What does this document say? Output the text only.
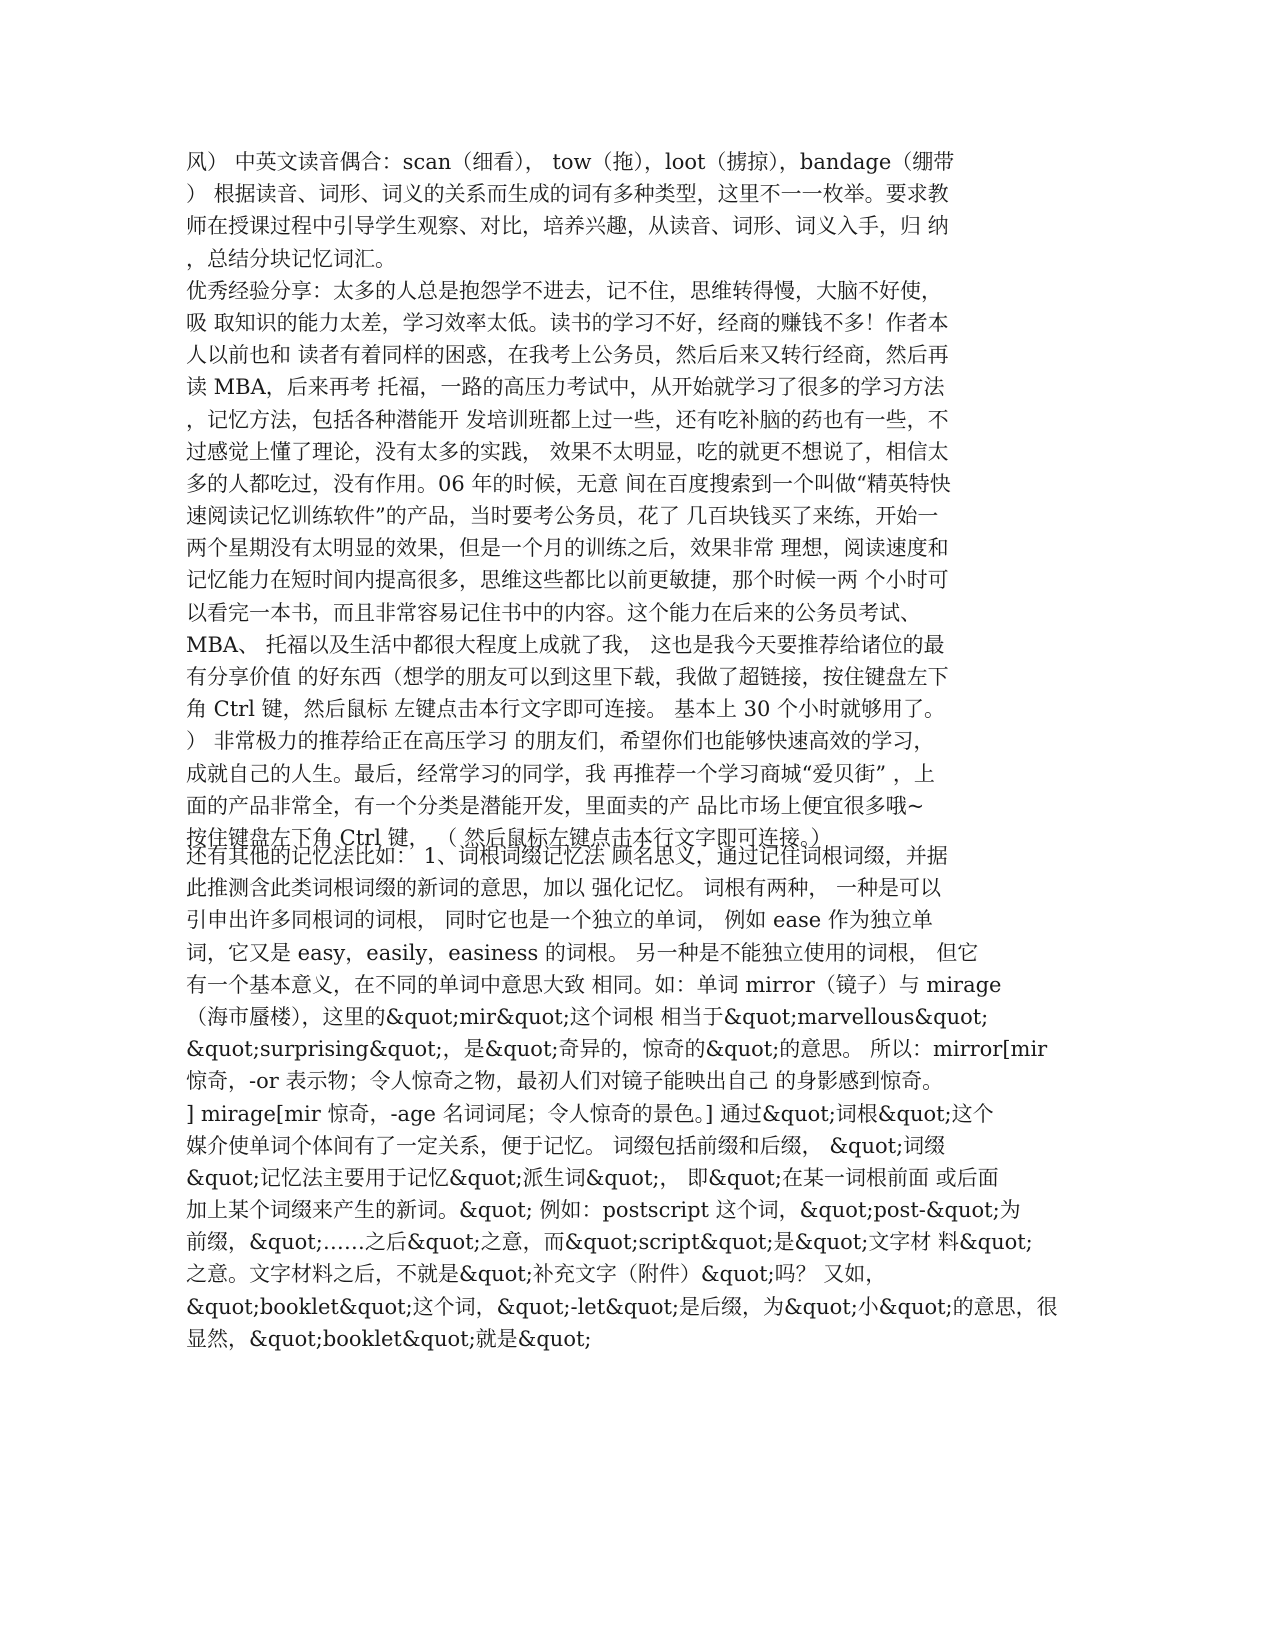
风） 中英文读音偶合：scan（细看）， tow（拖），loot（掳掠），bandage（绷带
） 根据读音、词形、词义的关系而生成的词有多种类型，这里不一一枚举。要求教
师在授课过程中引导学生观察、对比，培养兴趣，从读音、词形、词义入手，归 纳
，总结分块记忆词汇。
优秀经验分享：太多的人总是抱怨学不进去，记不住，思维转得慢，大脑不好使，
吸 取知识的能力太差，学习效率太低。读书的学习不好，经商的赚钱不多！作者本
人以前也和 读者有着同样的困惑，在我考上公务员，然后后来又转行经商，然后再
读 MBA，后来再考 托福，一路的高压力考试中，从开始就学习了很多的学习方法
，记忆方法，包括各种潜能开 发培训班都上过一些，还有吃补脑的药也有一些，不
过感觉上懂了理论，没有太多的实践， 效果不太明显，吃的就更不想说了，相信太
多的人都吃过，没有作用。06 年的时候，无意 间在百度搜索到一个叫做“精英特快
速阅读记忆训练软件”的产品，当时要考公务员，花了 几百块钱买了来练，开始一
两个星期没有太明显的效果，但是一个月的训练之后，效果非常 理想，阅读速度和
记忆能力在短时间内提高很多，思维这些都比以前更敏捷，那个时候一两 个小时可
以看完一本书，而且非常容易记住书中的内容。这个能力在后来的公务员考试、
MBA、 托福以及生活中都很大程度上成就了我， 这也是我今天要推荐给诸位的最
有分享价值 的好东西（想学的朋友可以到这里下载，我做了超链接，按住键盘左下
角 Ctrl 键，然后鼠标 左键点击本行文字即可连接。 基本上 30 个小时就够用了。
） 非常极力的推荐给正在高压学习 的朋友们，希望你们也能够快速高效的学习，
成就自己的人生。最后，经常学习的同学，我 再推荐一个学习商城“爱贝街” ，上
面的产品非常全，有一个分类是潜能开发，里面卖的产 品比市场上便宜很多哦~
按住键盘左下角 Ctrl 键， （ 然后鼠标左键点击本行文字即可连接。）
还有其他的记忆法比如： 1、词根词缀记忆法 顾名思义，通过记住词根词缀，并据
此推测含此类词根词缀的新词的意思，加以 强化记忆。 词根有两种， 一种是可以
引申出许多同根词的词根， 同时它也是一个独立的单词， 例如 ease 作为独立单
词，它又是 easy，easily，easiness 的词根。 另一种是不能独立使用的词根， 但它
有一个基本意义，在不同的单词中意思大致 相同。如：单词 mirror（镜子）与 mirage
（海市蜃楼），这里的&quot;mir&quot;这个词根 相当于&quot;marvellous&quot;
&quot;surprising&quot;，是&quot;奇异的，惊奇的&quot;的意思。 所以：mirror[mir
惊奇，-or 表示物；令人惊奇之物，最初人们对镜子能映出自己 的身影感到惊奇。
] mirage[mir 惊奇，-age 名词词尾；令人惊奇的景色。] 通过&quot;词根&quot;这个
媒介使单词个体间有了一定关系，便于记忆。 词缀包括前缀和后缀， &quot;词缀
&quot;记忆法主要用于记忆&quot;派生词&quot;， 即&quot;在某一词根前面 或后面
加上某个词缀来产生的新词。&quot; 例如：postscript 这个词，&quot;post-&quot;为
前缀，&quot;……之后&quot;之意，而&quot;script&quot;是&quot;文字材 料&quot;
之意。文字材料之后，不就是&quot;补充文字（附件）&quot;吗？ 又如，
&quot;booklet&quot;这个词，&quot;-let&quot;是后缀，为&quot;小&quot;的意思，很
显然，&quot;booklet&quot;就是&quot;
